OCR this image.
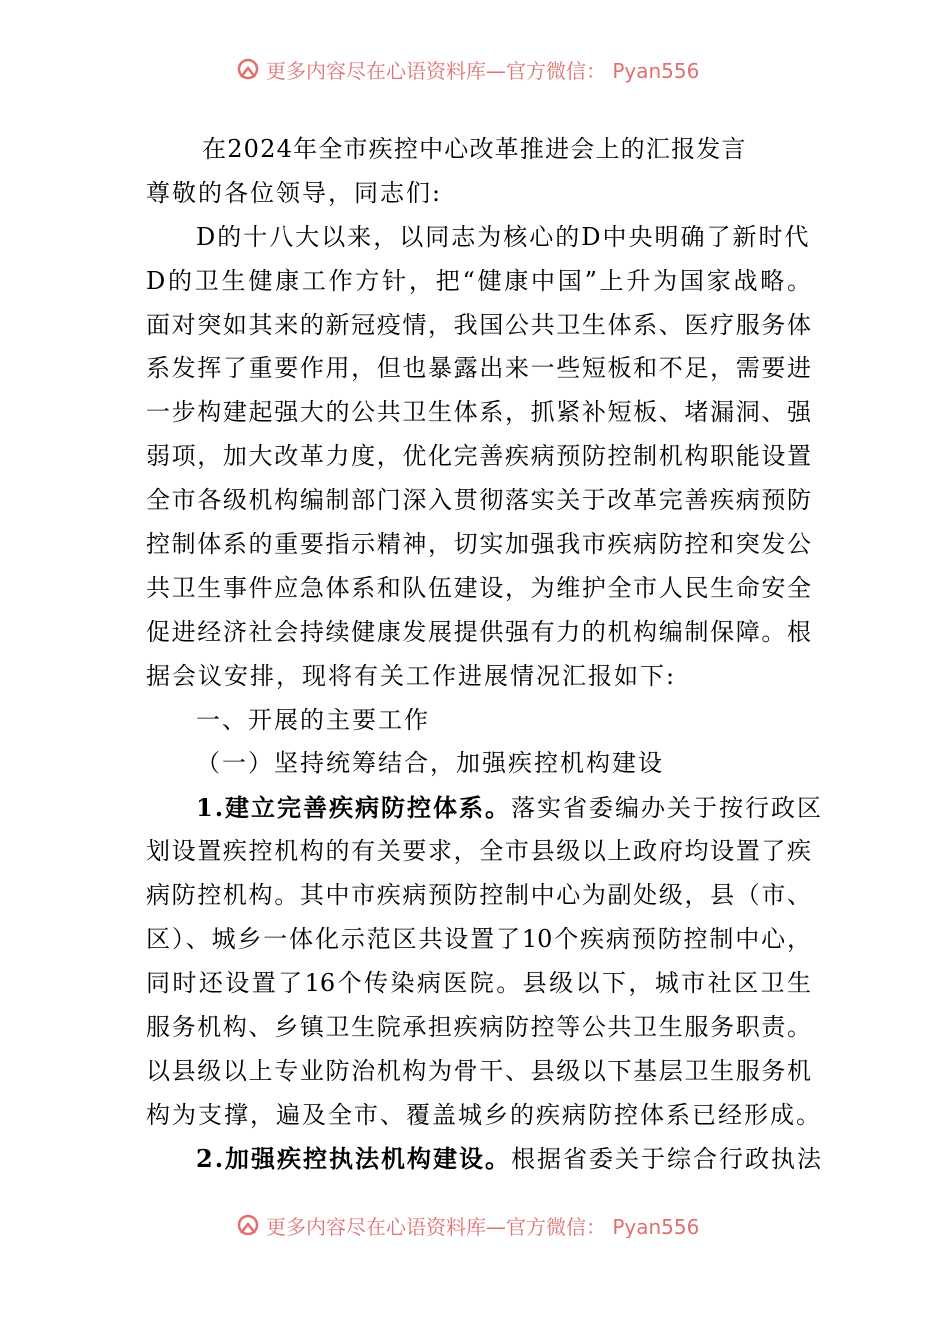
更多内容尽在心语资料库—官方微信： Pyan556
在2024年全市疾控中心改革推进会上的汇报发言
尊敬的各位领导，同志们:
D的十八大以来，以同志为核心的D中央明确了新时代
D的卫生健康工作方针，把“健康中国”上升为国家战略。
面对突如其来的新冠疫情，我国公共卫生体系、医疗服务体
系发挥了重要作用，但也暴露出来一些短板和不足，需要进
一步构建起强大的公共卫生体系，抓紧补短板、堵漏洞、强
弱项，加大改革力度，优化完善疾病预防控制机构职能设置
全市各级机构编制部门深入贯彻落实关于改革完善疾病预防
控制体系的重要指示精神，切实加强我市疾病防控和突发公
共卫生事件应急体系和队伍建设，为维护全市人民生命安全
促进经济社会持续健康发展提供强有力的机构编制保障。根
据会议安排，现将有关工作进展情况汇报如下:
一、开展的主要工作
（一）坚持统筹结合，加强疾控机构建设
1.建立完善疾病防控体系。落实省委编办关于按行政区
划设置疾控机构的有关要求，全市县级以上政府均设置了疾
病防控机构。其中市疾病预防控制中心为副处级，县（市、
区）、城乡一体化示范区共设置了10个疾病预防控制中心，
同时还设置了16个传染病医院。县级以下，城市社区卫生
服务机构、乡镇卫生院承担疾病防控等公共卫生服务职责。
以县级以上专业防治机构为骨干、县级以下基层卫生服务机
构为支撑，遍及全市、覆盖城乡的疾病防控体系已经形成。
2.加强疾控执法机构建设。根据省委关于综合行政执法
更多内容尽在心语资料库—官方微信： Pyan556
